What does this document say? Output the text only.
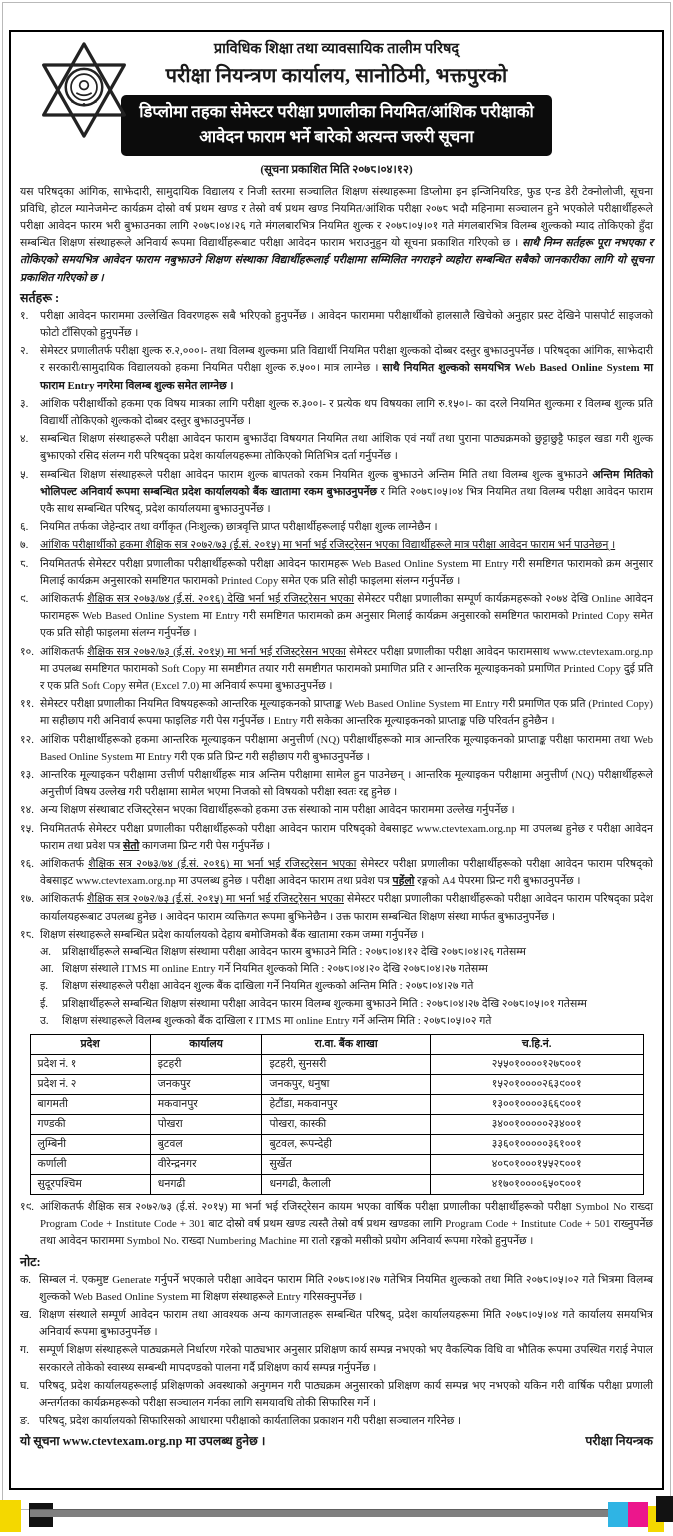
प्राविधिक शिक्षा तथा व्यावसायिक तालीम परिषद्
परीक्षा नियन्त्रण कार्यालय, सानोठिमी, भक्तपुरको
डिप्लोमा तहका सेमेस्टर परीक्षा प्रणालीका नियमित/आंशिक परीक्षाको
आवेदन फाराम भर्ने बारेको अत्यन्त जरुरी सूचना
(सूचना प्रकाशित मिति २०७८।०४।१२)

यस परिषद्का आंगिक, साझेदारी, सामुदायिक विद्यालय र निजी स्तरमा सञ्चालित शिक्षण संस्थाहरूमा डिप्लोमा इन इन्जिनियरिङ, फुड एन्ड डेरी टेक्नोलोजी, सूचना प्रविधि, होटल म्यानेजमेन्ट कार्यक्रम दोस्रो वर्ष प्रथम खण्ड र तेस्रो वर्ष प्रथम खण्ड नियमित/आंशिक परीक्षा २०७८ भदौ महिनामा सञ्चालन हुने भएकोले परीक्षार्थीहरूले परीक्षा आवेदन फारम भरी बुझाउनका लागि २०७८।०४।२६ गते मंगलबारभित्र नियमित शुल्क र २०७८।०५।०१ गते मंगलबारभित्र विलम्ब शुल्कको म्याद तोकिएको हुँदा सम्बन्धित शिक्षण संस्थाहरूले अनिवार्य रूपमा विद्यार्थीहरूबाट परीक्षा आवेदन फाराम भराउनुहुन यो सूचना प्रकाशित गरिएको छ । साथै निम्न सर्तहरू पूरा नभएका र तोकिएको समयभित्र आवेदन फाराम नबुझाउने शिक्षण संस्थाका विद्यार्थीहरूलाई परीक्षामा सम्मिलित नगराइने व्यहोरा सम्बन्धित सबैको जानकारीका लागि यो सूचना प्रकाशित गरिएको छ ।

सर्तहरू :
१.	परीक्षा आवेदन फाराममा उल्लेखित विवरणहरू सबै भरिएको हुनुपर्नेछ । आवेदन फाराममा परीक्षार्थीको हालसालै खिचेको अनुहार प्रस्ट देखिने पासपोर्ट साइजको फोटो टाँसिएको हुनुपर्नेछ ।
२.	सेमेस्टर प्रणालीतर्फ परीक्षा शुल्क रु.२,०००।- तथा विलम्ब शुल्कमा प्रति विद्यार्थी नियमित परीक्षा शुल्कको दोब्बर दस्तुर बुझाउनुपर्नेछ । परिषद्का आंगिक, साझेदारी र सरकारी/सामुदायिक विद्यालयको हकमा नियमित परीक्षा शुल्क रु.५००। मात्र लाग्नेछ । साथै नियमित शुल्कको समयभित्र Web Based Online System मा फाराम Entry नगरेमा विलम्ब शुल्क समेत लाग्नेछ ।
३.	आंशिक परीक्षार्थीको हकमा एक विषय मात्रका लागि परीक्षा शुल्क रु.३००।- र प्रत्येक थप विषयका लागि रु.१५०।- का दरले नियमित शुल्कमा र विलम्ब शुल्क प्रति विद्यार्थी तोकिएको शुल्कको दोब्बर दस्तुर बुझाउनुपर्नेछ ।
४.	सम्बन्धित शिक्षण संस्थाहरूले परीक्षा आवेदन फाराम बुझाउँदा विषयगत नियमित तथा आंशिक एवं नयाँ तथा पुराना पाठ्यक्रमको छुट्टाछुट्टै फाइल खडा गरी शुल्क बुझाएको रसिद संलग्न गरी परिषद्का प्रदेश कार्यालयहरूमा तोकिएको मितिभित्र दर्ता गर्नुपर्नेछ ।
५.	सम्बन्धित शिक्षण संस्थाहरूले परीक्षा आवेदन फाराम शुल्क बापतको रकम नियमित शुल्क बुझाउने अन्तिम मिति तथा विलम्ब शुल्क बुझाउने अन्तिम मितिको भोलिपल्ट अनिवार्य रूपमा सम्बन्धित प्रदेश कार्यालयको बैंक खातामा रकम बुझाउनुपर्नेछ र मिति २०७८।०५।०४ भित्र नियमित तथा विलम्ब परीक्षा आवेदन फाराम एकै साथ सम्बन्धित परिषद्, प्रदेश कार्यालयमा बुझाउनुपर्नेछ ।
६.	नियमित तर्फका जेहेन्दार तथा वर्गीकृत (निःशुल्क) छात्रवृत्ति प्राप्त परीक्षार्थीहरूलाई परीक्षा शुल्क लाग्नेछैन ।
७.	आंशिक परीक्षार्थीको हकमा शैक्षिक सत्र २०७२/७३ (ई.सं. २०१५) मा भर्ना भई रजिस्ट्रेसन भएका विद्यार्थीहरूले मात्र परीक्षा आवेदन फाराम भर्न पाउनेछन् ।
८.	नियमिततर्फ सेमेस्टर परीक्षा प्रणालीका परीक्षार्थीहरूको परीक्षा आवेदन फारामहरू Web Based Online System मा Entry गरी समष्टिगत फारामको क्रम अनुसार मिलाई कार्यक्रम अनुसारको समष्टिगत फारामको Printed Copy समेत एक प्रति सोही फाइलमा संलग्न गर्नुपर्नेछ ।
९.	आंशिकतर्फ शैक्षिक सत्र २०७३/७४ (ई.सं. २०१६) देखि भर्ना भई रजिस्ट्रेसन भएका सेमेस्टर परीक्षा प्रणालीका सम्पूर्ण कार्यक्रमहरूको २०७४ देखि Online आवेदन फारामहरू Web Based Online System मा Entry गरी समष्टिगत फारामको क्रम अनुसार मिलाई कार्यक्रम अनुसारको समष्टिगत फारामको Printed Copy समेत एक प्रति सोही फाइलमा संलग्न गर्नुपर्नेछ ।
१०. आंशिकतर्फ शैक्षिक सत्र २०७२/७३ (ई.सं. २०१५) मा भर्ना भई रजिस्ट्रेसन भएका सेमेस्टर परीक्षा प्रणालीका परीक्षा आवेदन फारामसाथ www.ctevtexam.org.np मा उपलब्ध समष्टिगत फारामको Soft Copy मा समष्टीगत तयार गरी समष्टीगत फारामको प्रमाणित प्रति र आन्तरिक मूल्याइकनको प्रमाणित Printed Copy दुई प्रति र एक प्रति Soft Copy समेत (Excel 7.0) मा अनिवार्य रूपमा बुझाउनुपर्नेछ ।
११. सेमेस्टर परीक्षा प्रणालीका नियमित विषयहरूको आन्तरिक मूल्याइकनको प्राप्ताङ्क Web Based Online System मा Entry गरी प्रमाणित एक प्रति (Printed Copy) मा सहीछाप गरी अनिवार्य रूपमा फाइलिङ गरी पेस गर्नुपर्नेछ । Entry गरी सकेका आन्तरिक मूल्याइकनको प्राप्ताङ्क पछि परिवर्तन हुनेछैन ।
१२. आंशिक परीक्षार्थीहरूको हकमा आन्तरिक मूल्याइकन परीक्षामा अनुत्तीर्ण (NQ) परीक्षार्थीहरूको मात्र आन्तरिक मूल्याइकनको प्राप्ताङ्क परीक्षा फाराममा तथा Web Based Online System मा Entry गरी एक प्रति प्रिन्ट गरी सहीछाप गरी बुझाउनुपर्नेछ ।
१३. आन्तरिक मूल्याइकन परीक्षामा उत्तीर्ण परीक्षार्थीहरू मात्र अन्तिम परीक्षामा सामेल हुन पाउनेछन् । आन्तरिक मूल्याइकन परीक्षामा अनुत्तीर्ण (NQ) परीक्षार्थीहरूले अनुत्तीर्ण विषय उल्लेख गरी परीक्षामा सामेल भएमा निजको सो विषयको परीक्षा स्वतः रद्द हुनेछ ।
१४. अन्य शिक्षण संस्थाबाट रजिस्ट्रेसन भएका विद्यार्थीहरूको हकमा उक्त संस्थाको नाम परीक्षा आवेदन फाराममा उल्लेख गर्नुपर्नेछ ।
१५. नियमिततर्फ सेमेस्टर परीक्षा प्रणालीका परीक्षार्थीहरूको परीक्षा आवेदन फाराम परिषद्को वेबसाइट www.ctevtexam.org.np मा उपलब्ध हुनेछ र परीक्षा आवेदन फाराम तथा प्रवेश पत्र सेतो कागजमा प्रिन्ट गरी पेस गर्नुपर्नेछ ।
१६. आंशिकतर्फ शैक्षिक सत्र २०७३/७४ (ई.सं. २०१६) मा भर्ना भई रजिस्ट्रेसन भएका सेमेस्टर परीक्षा प्रणालीका परीक्षार्थीहरूको परीक्षा आवेदन फाराम परिषद्को वेबसाइट www.ctevtexam.org.np मा उपलब्ध हुनेछ । परीक्षा आवेदन फाराम तथा प्रवेश पत्र पहेंलो रङ्गको A4 पेपरमा प्रिन्ट गरी बुझाउनुपर्नेछ ।
१७. आंशिकतर्फ शैक्षिक सत्र २०७२/७३ (ई.सं. २०१५) मा भर्ना भई रजिस्ट्रेसन भएका सेमेस्टर परीक्षा प्रणालीका परीक्षार्थीहरूको परीक्षा आवेदन फाराम परिषद्का प्रदेश कार्यालयहरूबाट उपलब्ध हुनेछ । आवेदन फाराम व्यक्तिगत रूपमा बुझिनेछैन । उक्त फाराम सम्बन्धित शिक्षण संस्था मार्फत बुझाउनुपर्नेछ ।
१८. शिक्षण संस्थाहरूले सम्बन्धित प्रदेश कार्यालयको देहाय बमोजिमको बैंक खातामा रकम जम्मा गर्नुपर्नेछ ।
अ.	प्रशिक्षार्थीहरूले सम्बन्धित शिक्षण संस्थामा परीक्षा आवेदन फारम बुझाउने मिति : २०७८।०४।१२ देखि २०७८।०४।२६ गतेसम्म
आ. शिक्षण संस्थाले ITMS मा online Entry गर्ने नियमित शुल्कको मिति : २०७८।०४।२० देखि २०७८।०४।२७ गतेसम्म
इ.	शिक्षण संस्थाहरूले परीक्षा आवेदन शुल्क बैंक दाखिला गर्ने नियमित शुल्कको अन्तिम मिति : २०७८।०४।२७ गते
ई.	प्रशिक्षार्थीहरूले सम्बन्धित शिक्षण संस्थामा परीक्षा आवेदन फारम विलम्ब शुल्कमा बुझाउने मिति : २०७८।०४।२७ देखि २०७८।०५।०१ गतेसम्म
उ.	शिक्षण संस्थाहरूले विलम्ब शुल्कको बैंक दाखिला र ITMS मा online Entry गर्ने अन्तिम मिति : २०७८।०५।०२ गते
प्रदेश	कार्यालय	रा.वा. बैंक शाखा	च.हि.नं.
प्रदेश नं. १	इटहरी	इटहरी, सुनसरी	२५५०१००००१२७८००१
प्रदेश नं. २	जनकपुर	जनकपुर, धनुषा	१५२०१००००२६३९००१
बागमती	मकवानपुर	हेटौंडा, मकवानपुर	१३००१००००३६६९००१
गण्डकी	पोखरा	पोखरा, कास्की	३४००१०००००२३४००१
लुम्बिनी	बुटवल	बुटवल, रूपन्देही	३३६०१०००००३६१००१
कर्णाली	वीरेन्द्रनगर	सुर्खेत	४०८०१०००१५५२८००१
सुदूरपश्चिम	धनगढी	धनगढी, कैलाली	४१७०१००००६५०८००१
१९. आंशिकतर्फ शैक्षिक सत्र २०७२/७३ (ई.सं. २०१५) मा भर्ना भई रजिस्ट्रेसन कायम भएका वार्षिक परीक्षा प्रणालीका परीक्षार्थीहरूको परीक्षा Symbol No राख्दा Program Code + Institute Code + 301 बाट दोस्रो वर्ष प्रथम खण्ड त्यस्तै तेस्रो वर्ष प्रथम खण्डका लागि Program Code + Institute Code + 501 राख्नुपर्नेछ तथा आवेदन फाराममा Symbol No. राख्दा Numbering Machine मा रातो रङ्गको मसीको प्रयोग अनिवार्य रूपमा गरेको हुनुपर्नेछ ।
नोट:
क. सिम्बल नं. एकमुष्ट Generate गर्नुपर्ने भएकाले परीक्षा आवेदन फाराम मिति २०७८।०४।२७ गतेभित्र नियमित शुल्कको तथा मिति २०७८।०५।०२ गते भित्रमा विलम्ब शुल्कको Web Based Online System मा शिक्षण संस्थाहरूले Entry गरिसक्नुपर्नेछ ।
ख. शिक्षण संस्थाले सम्पूर्ण आवेदन फाराम तथा आवश्यक अन्य कागजातहरू सम्बन्धित परिषद्, प्रदेश कार्यालयहरूमा मिति २०७८।०५।०४ गते कार्यालय समयभित्र अनिवार्य रूपमा बुझाउनुपर्नेछ ।
ग. सम्पूर्ण शिक्षण संस्थाहरूले पाठ्यक्रमले निर्धारण गरेको पाठ्यभार अनुसार प्रशिक्षण कार्य सम्पन्न नभएको भए वैकल्पिक विधि वा भौतिक रूपमा उपस्थित गराई नेपाल सरकारले तोकेको स्वास्थ्य सम्बन्धी मापदण्डको पालना गर्दै प्रशिक्षण कार्य सम्पन्न गर्नुपर्नेछ ।
घ. परिषद्, प्रदेश कार्यालयहरूलाई प्रशिक्षणको अवस्थाको अनुगमन गरी पाठ्यक्रम अनुसारको प्रशिक्षण कार्य सम्पन्न भए नभएको यकिन गरी वार्षिक परीक्षा प्रणाली अन्तर्गतका कार्यक्रमहरूको परीक्षा सञ्चालन गर्नका लागि समयावधि तोकी सिफारिस गर्ने ।
ङ. परिषद्, प्रदेश कार्यालयको सिफारिसको आधारमा परीक्षाको कार्यतालिका प्रकाशन गरी परीक्षा सञ्चालन गरिनेछ ।
यो सूचना www.ctevtexam.org.np मा उपलब्ध हुनेछ ।	परीक्षा नियन्त्रक
